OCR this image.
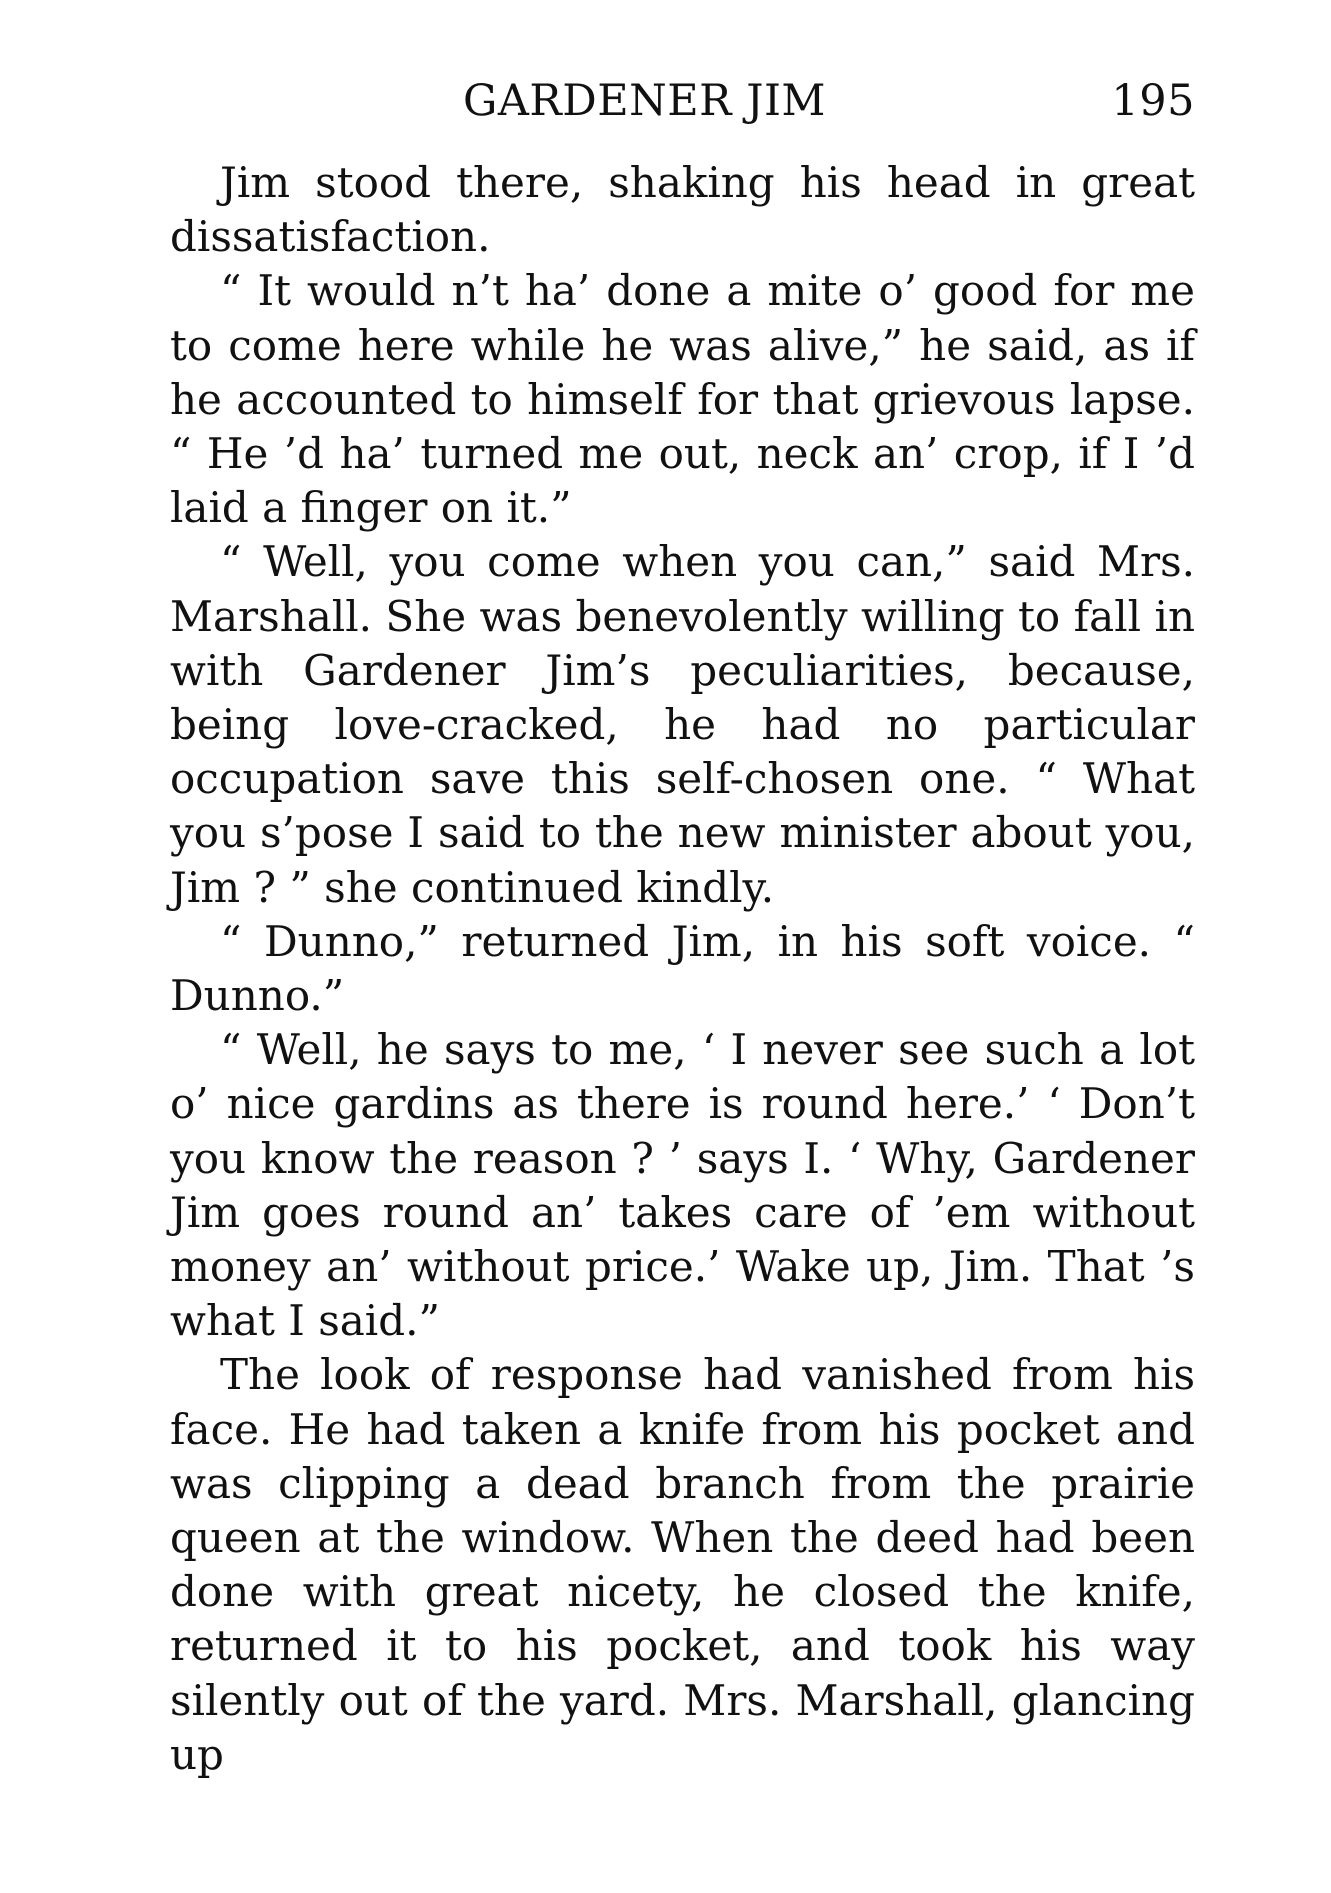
GARDENER JIM	195

Jim stood there, shaking his head in great dissatisfaction.

“ It would n’t ha’ done a mite o’ good for me to come here while he was alive,” he said, as if he accounted to himself for that grievous lapse. “ He ’d ha’ turned me out, neck an’ crop, if I ’d laid a finger on it.”

“ Well, you come when you can,” said Mrs. Marshall. She was benevolently willing to fall in with Gardener Jim’s peculiarities, because, being love-cracked, he had no particular occupation save this self-chosen one. “ What you s’pose I said to the new minister about you, Jim ? ” she continued kindly.

“ Dunno,” returned Jim, in his soft voice. “ Dunno.”

“ Well, he says to me, ‘ I never see such a lot o’ nice gardins as there is round here.’ ‘ Don’t you know the reason ? ’ says I. ‘ Why, Gardener Jim goes round an’ takes care of ’em without money an’ without price.’ Wake up, Jim. That ’s what I said.”

The look of response had vanished from his face. He had taken a knife from his pocket and was clipping a dead branch from the prairie queen at the window. When the deed had been done with great nicety, he closed the knife, returned it to his pocket, and took his way silently out of the yard. Mrs. Marshall, glancing up
